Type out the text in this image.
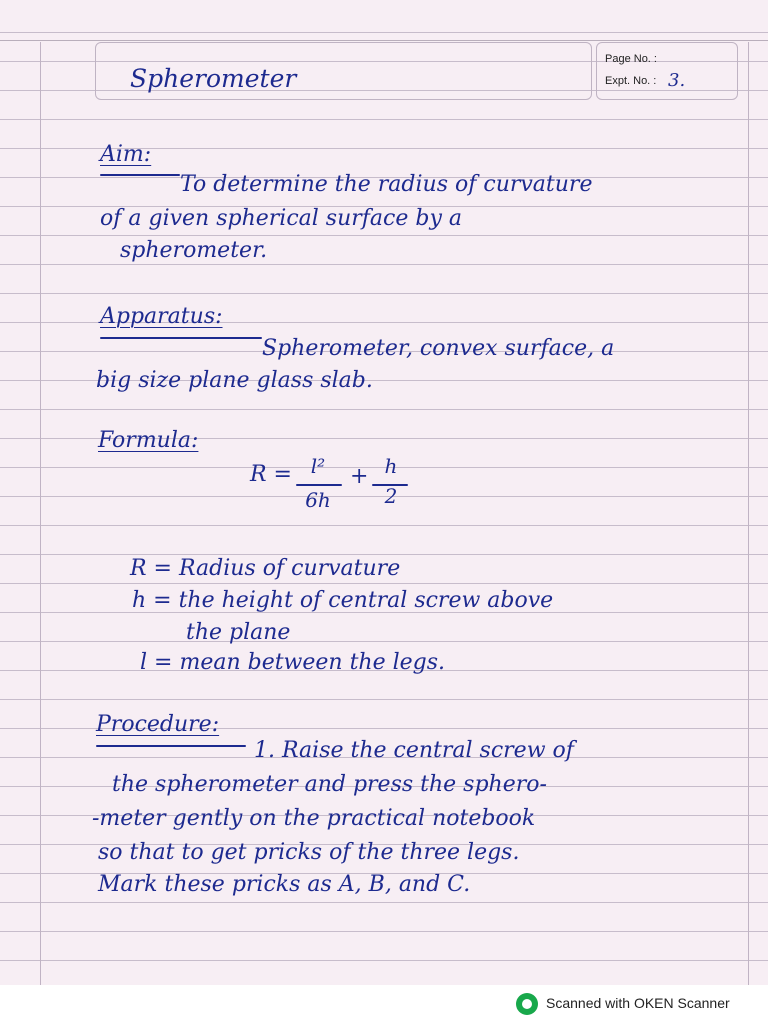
Page No. :
Expt. No. : 3.
Spherometer
Aim:
To determine the radius of curvature
of a given spherical surface by a
spherometer.
Apparatus:
Spherometer, convex surface, a
big size plane glass slab.
Formula:
R = l²
6h
+ h
2
R = Radius of curvature
h = the height of central screw above
the plane
l = mean between the legs.
Procedure:
1. Raise the central screw of
the spherometer and press the sphero-
-meter gently on the practical notebook
so that to get pricks of the three legs.
Mark these pricks as A, B, and C.
Scanned with OKEN Scanner
